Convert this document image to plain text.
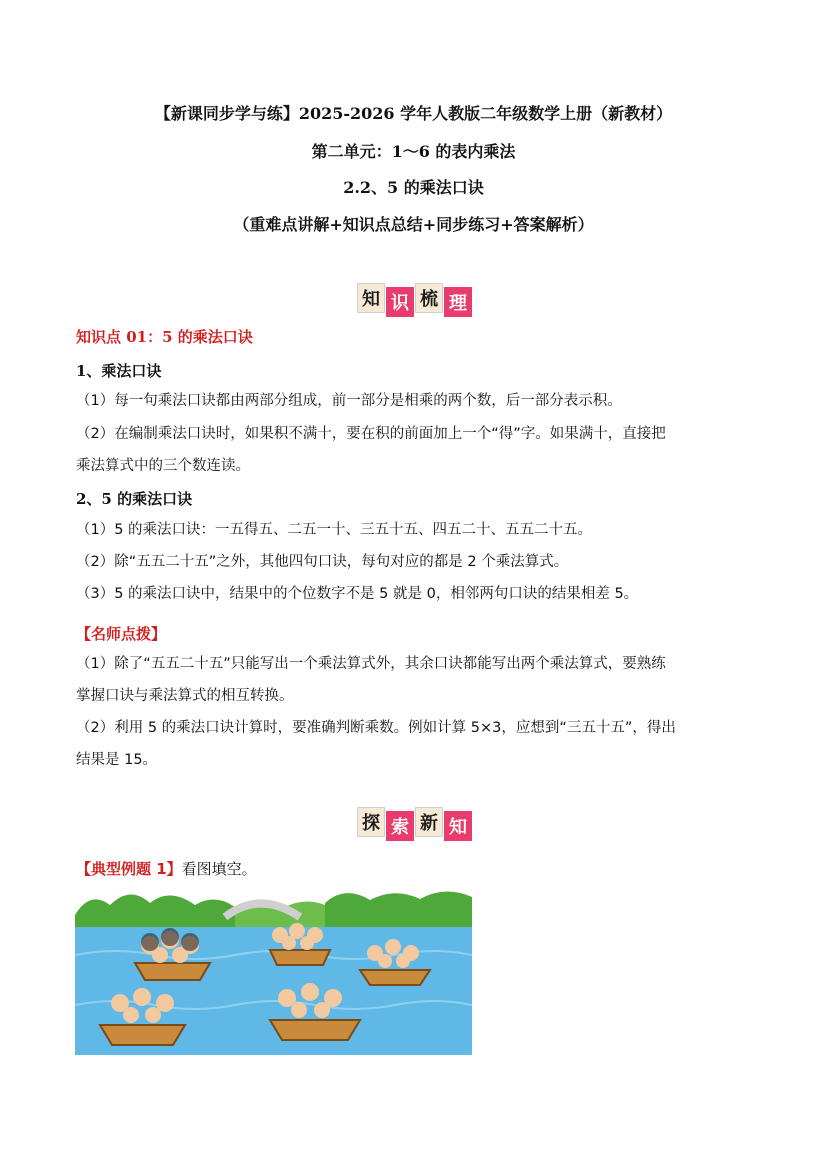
【新课同步学与练】2025-2026 学年人教版二年级数学上册（新教材）
第二单元：1～6 的表内乘法
2.2、5 的乘法口诀
（重难点讲解+知识点总结+同步练习+答案解析）
知 识 梳 理
知识点 01：5 的乘法口诀
1、乘法口诀
（1）每一句乘法口诀都由两部分组成，前一部分是相乘的两个数，后一部分表示积。
（2）在编制乘法口诀时，如果积不满十，要在积的前面加上一个“得”字。如果满十，直接把
乘法算式中的三个数连读。
2、5 的乘法口诀
（1）5 的乘法口诀：一五得五、二五一十、三五十五、四五二十、五五二十五。
（2）除“五五二十五”之外，其他四句口诀，每句对应的都是 2 个乘法算式。
（3）5 的乘法口诀中，结果中的个位数字不是 5 就是 0，相邻两句口诀的结果相差 5。
【名师点拨】
（1）除了“五五二十五”只能写出一个乘法算式外，其余口诀都能写出两个乘法算式，要熟练
掌握口诀与乘法算式的相互转换。
（2）利用 5 的乘法口诀计算时，要准确判断乘数。例如计算 5×3，应想到“三五十五”，得出
结果是 15。
探 索 新 知
【典型例题 1】看图填空。
